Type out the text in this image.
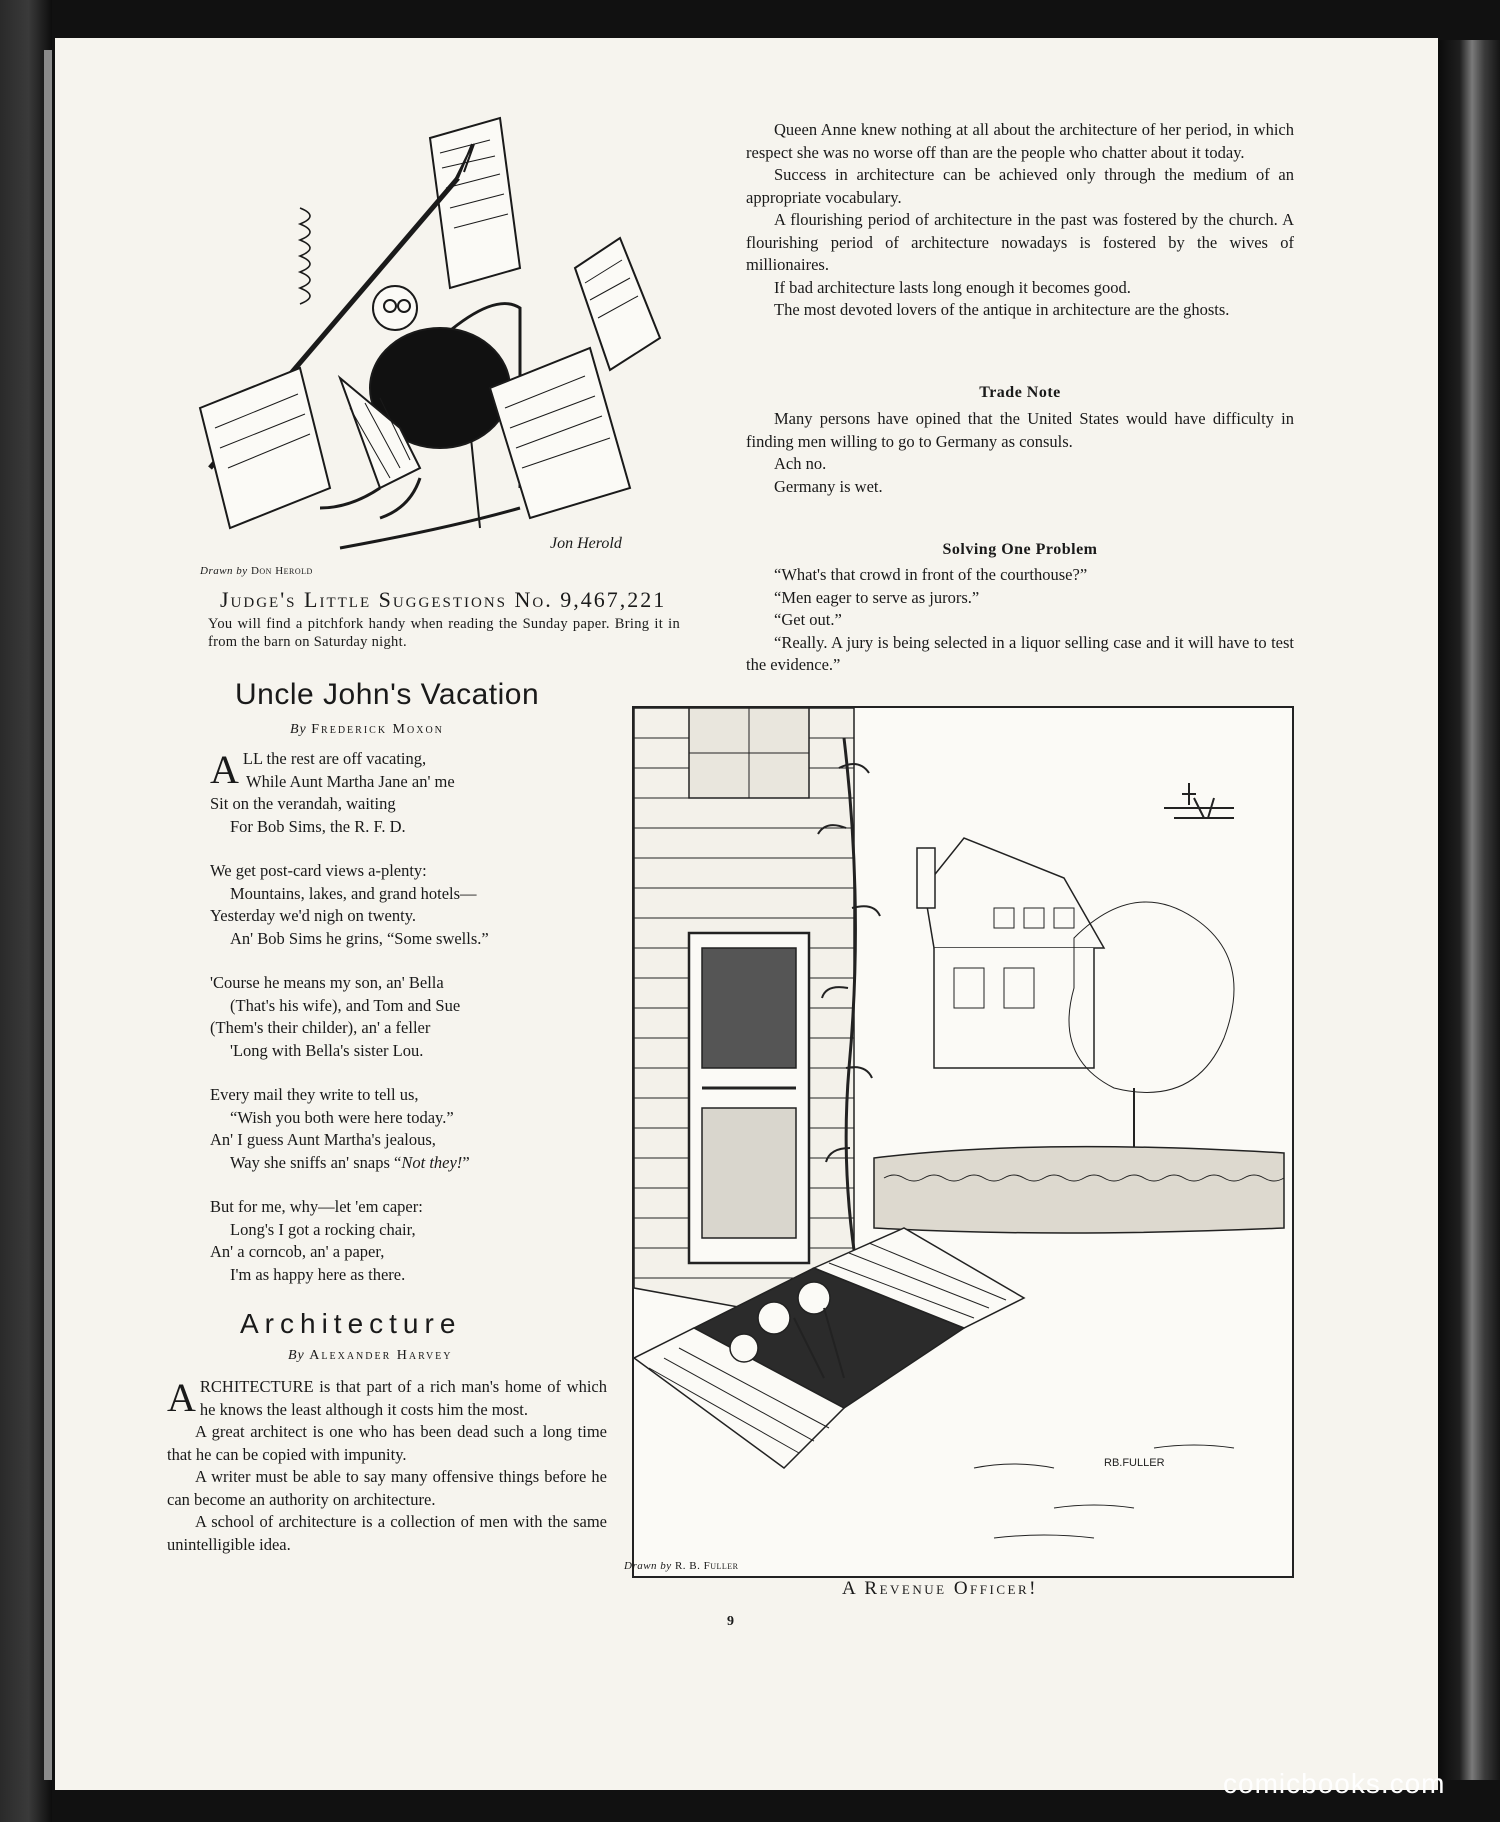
Jon Herold
Drawn by Don Herold
Judge's Little Suggestions No. 9,467,221
You will find a pitchfork handy when reading the Sunday paper. Bring it in from the barn on Saturday night.
Uncle John's Vacation
By Frederick Moxon
A LL the rest are off vacating,
While Aunt Martha Jane an' me
Sit on the verandah, waiting
For Bob Sims, the R. F. D.
We get post-card views a-plenty:
Mountains, lakes, and grand hotels—
Yesterday we'd nigh on twenty.
An' Bob Sims he grins, “Some swells.”
'Course he means my son, an' Bella
(That's his wife), and Tom and Sue
(Them's their childer), an' a feller
'Long with Bella's sister Lou.
Every mail they write to tell us,
“Wish you both were here today.”
An' I guess Aunt Martha's jealous,
Way she sniffs an' snaps “Not they!”
But for me, why—let 'em caper:
Long's I got a rocking chair,
An' a corncob, an' a paper,
I'm as happy here as there.
Architecture
By Alexander Harvey

ARCHITECTURE is that part of a rich man's home of which he knows the least although it costs him the most.

A great architect is one who has been dead such a long time that he can be copied with impunity.

A writer must be able to say many offensive things before he can become an authority on architecture.

A school of architecture is a collection of men with the same unintelligible idea.

Queen Anne knew nothing at all about the architecture of her period, in which respect she was no worse off than are the people who chatter about it today.

Success in architecture can be achieved only through the medium of an appropriate vocabulary.

A flourishing period of architecture in the past was fostered by the church. A flourishing period of architecture nowadays is fostered by the wives of millionaires.

If bad architecture lasts long enough it becomes good.

The most devoted lovers of the antique in architecture are the ghosts.

Trade Note

Many persons have opined that the United States would have difficulty in finding men willing to go to Germany as consuls.

Ach no.

Germany is wet.

Solving One Problem

“What's that crowd in front of the courthouse?”

“Men eager to serve as jurors.”

“Get out.”

“Really. A jury is being selected in a liquor selling case and it will have to test the evidence.”

RB.FULLER
Drawn by R. B. Fuller
A Revenue Officer!
9
comicbooks.com
